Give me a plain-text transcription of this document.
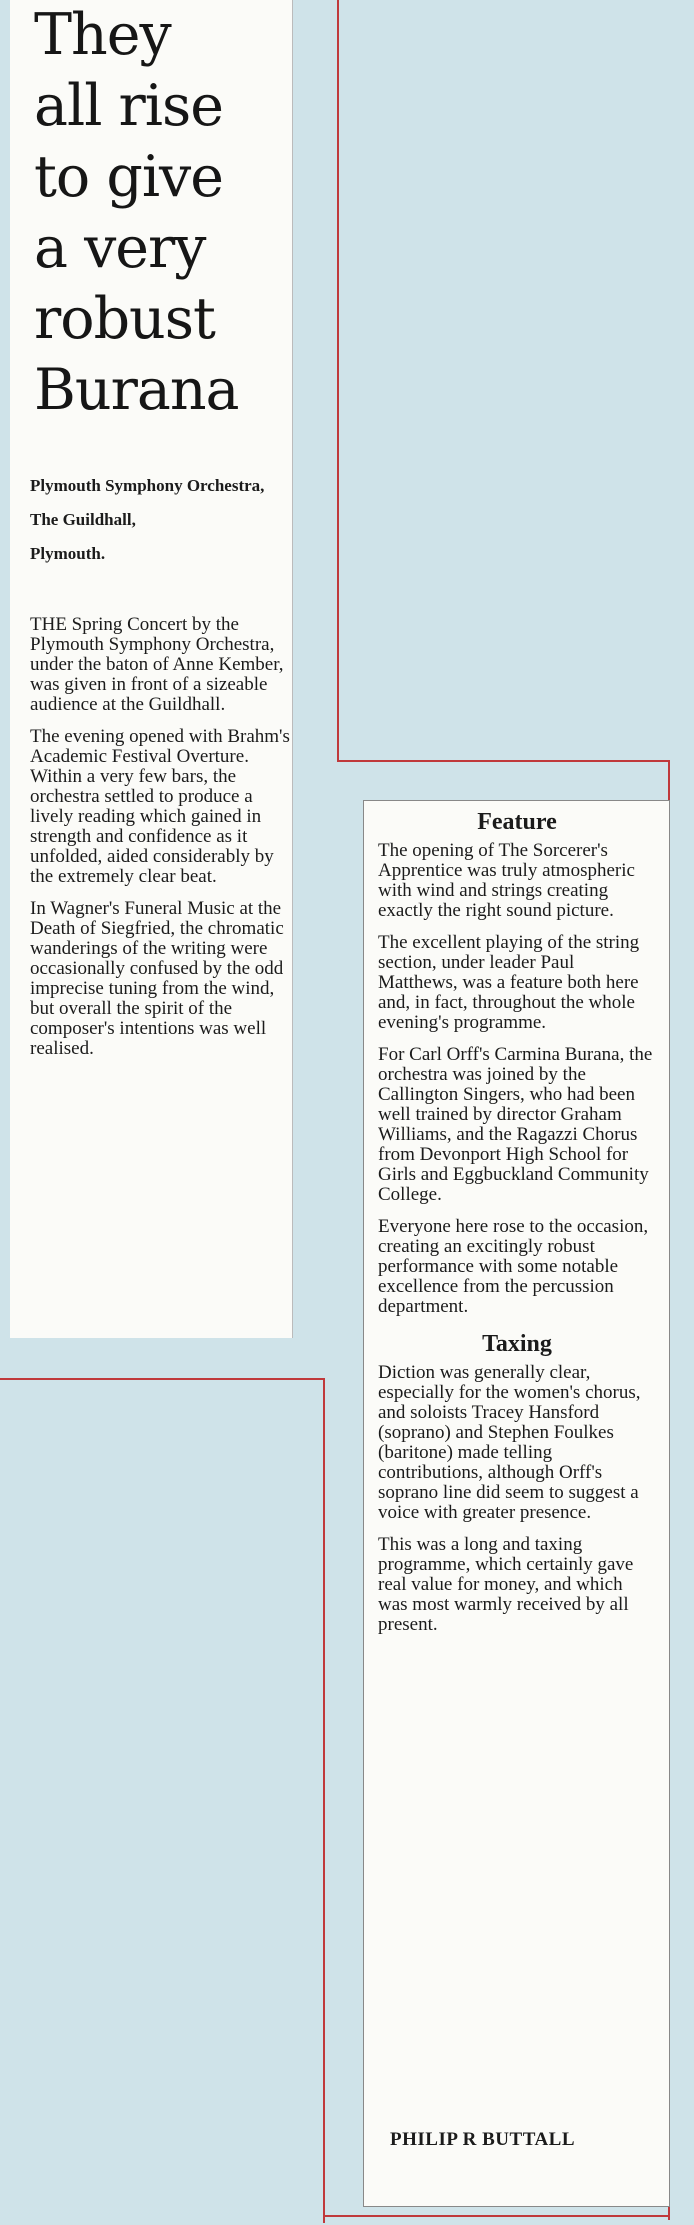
They
all rise
to give
a very
robust
Burana
Plymouth Symphony Orchestra,
The Guildhall,
Plymouth.

THE Spring Concert by the Plymouth Symphony Orchestra, under the baton of Anne Kember, was given in front of a sizeable audience at the Guildhall.

The evening opened with Brahm's Academic Festival Overture. Within a very few bars, the orchestra settled to produce a lively reading which gained in strength and confidence as it unfolded, aided considerably by the extremely clear beat.

In Wagner's Funeral Music at the Death of Siegfried, the chromatic wanderings of the writing were occasionally confused by the odd imprecise tuning from the wind, but overall the spirit of the composer's intentions was well realised.

Feature

The opening of The Sorcerer's Apprentice was truly atmospheric with wind and strings creating exactly the right sound picture.

The excellent playing of the string section, under leader Paul Matthews, was a feature both here and, in fact, throughout the whole evening's programme.

For Carl Orff's Carmina Burana, the orchestra was joined by the Callington Singers, who had been well trained by director Graham Williams, and the Ragazzi Chorus from Devonport High School for Girls and Eggbuckland Community College.

Everyone here rose to the occasion, creating an excitingly robust performance with some notable excellence from the percussion department.

Taxing

Diction was generally clear, especially for the women's chorus, and soloists Tracey Hansford (soprano) and Stephen Foulkes (baritone) made telling contributions, although Orff's soprano line did seem to suggest a voice with greater presence.

This was a long and taxing programme, which certainly gave real value for money, and which was most warmly received by all present.

PHILIP R BUTTALL
